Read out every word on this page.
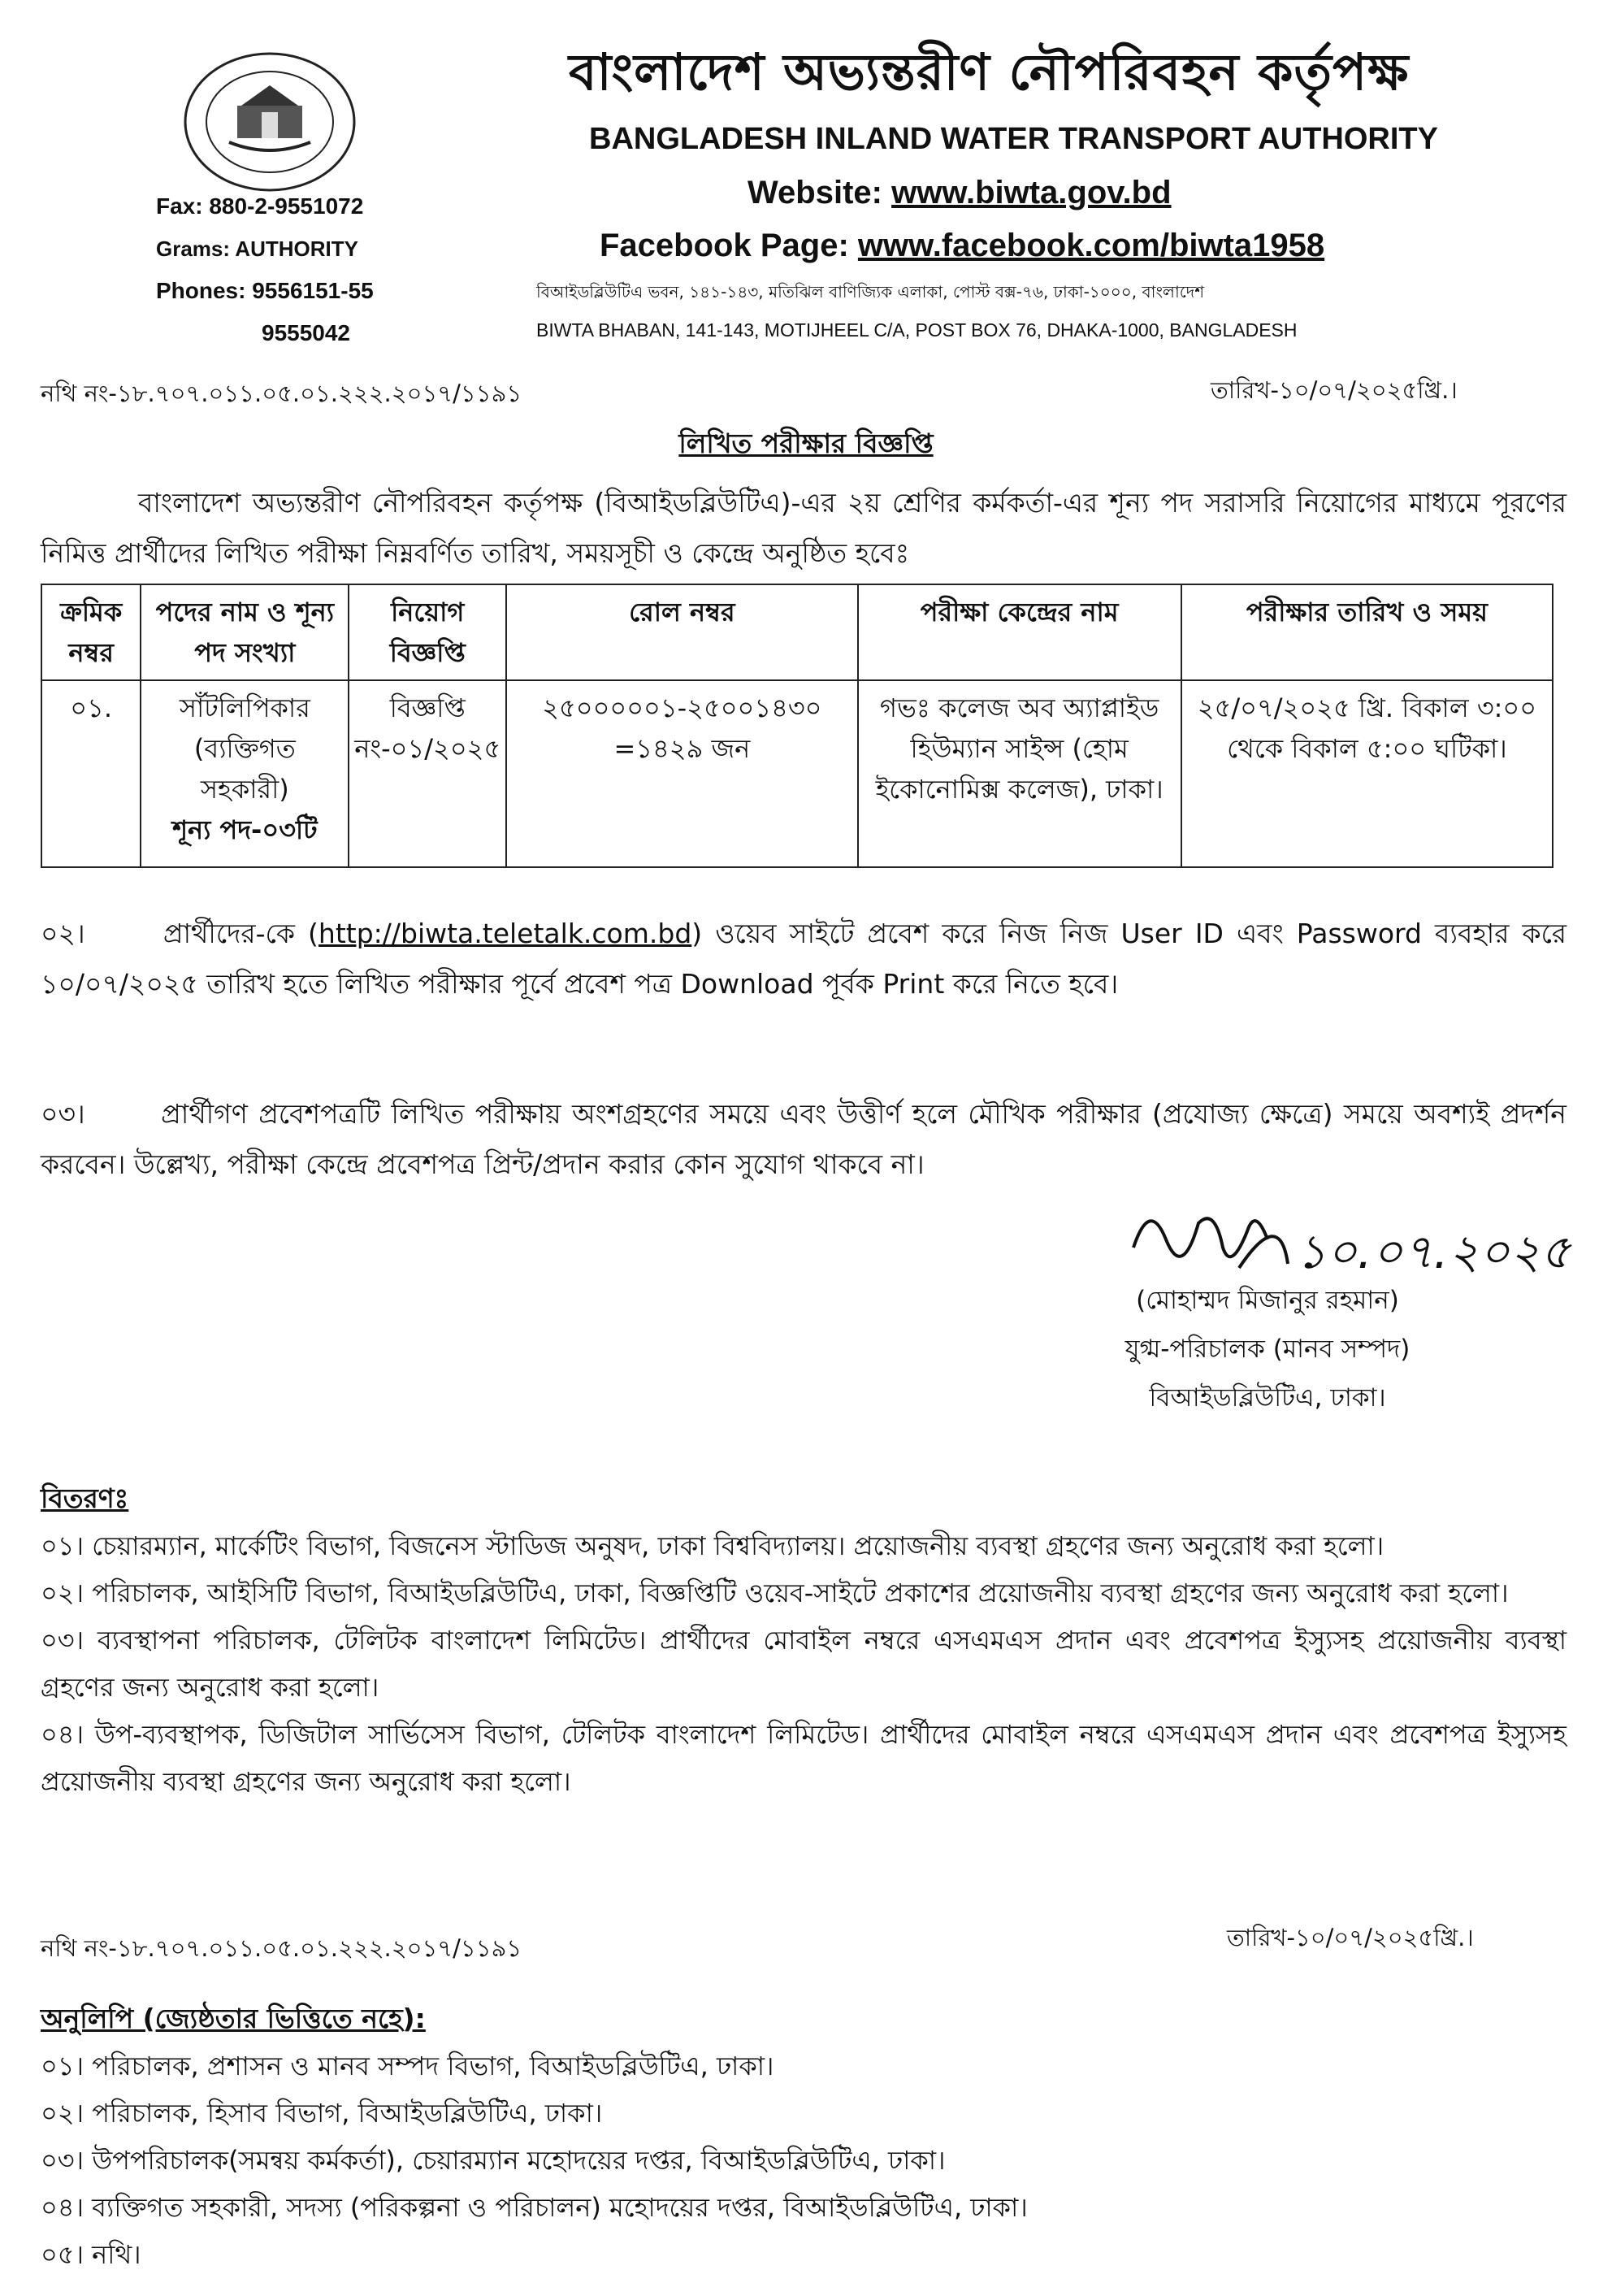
বাংলাদেশ অভ্যন্তরীণ নৌপরিবহন কর্তৃপক্ষ
BANGLADESH INLAND WATER TRANSPORT AUTHORITY
Website: www.biwta.gov.bd
Facebook Page: www.facebook.com/biwta1958
বিআইডব্লিউটিএ ভবন, ১৪১-১৪৩, মতিঝিল বাণিজ্যিক এলাকা, পোস্ট বক্স-৭৬, ঢাকা-১০০০, বাংলাদেশ
BIWTA BHABAN, 141-143, MOTIJHEEL C/A, POST BOX 76, DHAKA-1000, BANGLADESH
Fax: 880-2-9551072
Grams: AUTHORITY
Phones: 9556151-55
9555042
নথি নং-১৮.৭০৭.০১১.০৫.০১.২২২.২০১৭/১১৯১	তারিখ-১০/০৭/২০২৫খ্রি.।
লিখিত পরীক্ষার বিজ্ঞপ্তি
বাংলাদেশ অভ্যন্তরীণ নৌপরিবহন কর্তৃপক্ষ (বিআইডব্লিউটিএ)-এর ২য় শ্রেণির কর্মকর্তা-এর শূন্য পদ সরাসরি নিয়োগের মাধ্যমে পূরণের নিমিত্ত প্রার্থীদের লিখিত পরীক্ষা নিম্নবর্ণিত তারিখ, সময়সূচী ও কেন্দ্রে অনুষ্ঠিত হবেঃ
ক্রমিক নম্বর	পদের নাম ও শূন্য পদ সংখ্যা	নিয়োগ বিজ্ঞপ্তি	রোল নম্বর	পরীক্ষা কেন্দ্রের নাম	পরীক্ষার তারিখ ও সময়
০১.	সাঁটলিপিকার (ব্যক্তিগত সহকারী)
শূন্য পদ-০৩টি	বিজ্ঞপ্তি নং-০১/২০২৫	২৫০০০০০১-২৫০০১৪৩০ =১৪২৯ জন	গভঃ কলেজ অব অ্যাপ্লাইড হিউম্যান সাইন্স (হোম ইকোনোমিক্স কলেজ), ঢাকা।	২৫/০৭/২০২৫ খ্রি. বিকাল ৩:০০ থেকে বিকাল ৫:০০ ঘটিকা।
০২।	প্রার্থীদের-কে (http://biwta.teletalk.com.bd) ওয়েব সাইটে প্রবেশ করে নিজ নিজ User ID এবং Password ব্যবহার করে ১০/০৭/২০২৫ তারিখ হতে লিখিত পরীক্ষার পূর্বে প্রবেশ পত্র Download পূর্বক Print করে নিতে হবে।
০৩।	প্রার্থীগণ প্রবেশপত্রটি লিখিত পরীক্ষায় অংশগ্রহণের সময়ে এবং উত্তীর্ণ হলে মৌখিক পরীক্ষার (প্রযোজ্য ক্ষেত্রে) সময়ে অবশ্যই প্রদর্শন করবেন। উল্লেখ্য, পরীক্ষা কেন্দ্রে প্রবেশপত্র প্রিন্ট/প্রদান করার কোন সুযোগ থাকবে না।
১০.০৭.২০২৫
(মোহাম্মদ মিজানুর রহমান)
যুগ্ম-পরিচালক (মানব সম্পদ)
বিআইডব্লিউটিএ, ঢাকা।
বিতরণঃ

০১। চেয়ারম্যান, মার্কেটিং বিভাগ, বিজনেস স্টাডিজ অনুষদ, ঢাকা বিশ্ববিদ্যালয়। প্রয়োজনীয় ব্যবস্থা গ্রহণের জন্য অনুরোধ করা হলো।

০২। পরিচালক, আইসিটি বিভাগ, বিআইডব্লিউটিএ, ঢাকা, বিজ্ঞপ্তিটি ওয়েব-সাইটে প্রকাশের প্রয়োজনীয় ব্যবস্থা গ্রহণের জন্য অনুরোধ করা হলো।

০৩। ব্যবস্থাপনা পরিচালক, টেলিটক বাংলাদেশ লিমিটেড। প্রার্থীদের মোবাইল নম্বরে এসএমএস প্রদান এবং প্রবেশপত্র ইস্যুসহ প্রয়োজনীয় ব্যবস্থা গ্রহণের জন্য অনুরোধ করা হলো।

০৪। উপ-ব্যবস্থাপক, ডিজিটাল সার্ভিসেস বিভাগ, টেলিটক বাংলাদেশ লিমিটেড। প্রার্থীদের মোবাইল নম্বরে এসএমএস প্রদান এবং প্রবেশপত্র ইস্যুসহ প্রয়োজনীয় ব্যবস্থা গ্রহণের জন্য অনুরোধ করা হলো।

নথি নং-১৮.৭০৭.০১১.০৫.০১.২২২.২০১৭/১১৯১	তারিখ-১০/০৭/২০২৫খ্রি.।
অনুলিপি (জ্যেষ্ঠতার ভিত্তিতে নহে):

০১। পরিচালক, প্রশাসন ও মানব সম্পদ বিভাগ, বিআইডব্লিউটিএ, ঢাকা।

০২। পরিচালক, হিসাব বিভাগ, বিআইডব্লিউটিএ, ঢাকা।

০৩। উপপরিচালক(সমন্বয় কর্মকর্তা), চেয়ারম্যান মহোদয়ের দপ্তর, বিআইডব্লিউটিএ, ঢাকা।

০৪। ব্যক্তিগত সহকারী, সদস্য (পরিকল্পনা ও পরিচালন) মহোদয়ের দপ্তর, বিআইডব্লিউটিএ, ঢাকা।

০৫। নথি।
